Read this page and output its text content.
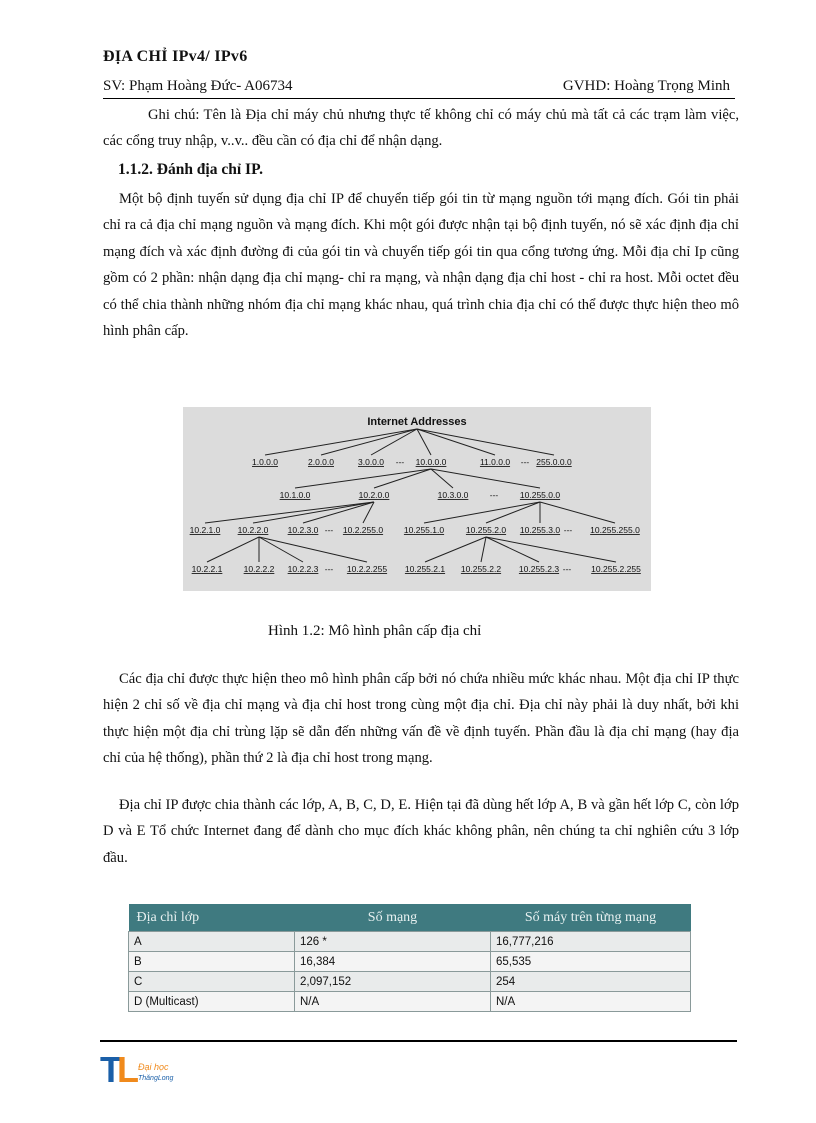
ĐỊA CHỈ IPv4/ IPv6
SV: Phạm Hoàng Đức- A06734	GVHD: Hoàng Trọng Minh

Ghi chú: Tên là Địa chỉ máy chủ nhưng thực tế không chỉ có máy chủ mà tất cả các trạm làm việc, các cổng truy nhập, v..v.. đều cần có địa chỉ để nhận dạng.

1.1.2. Đánh địa chỉ IP.

Một bộ định tuyến sử dụng địa chỉ IP để chuyển tiếp gói tin từ mạng nguồn tới mạng đích. Gói tin phải chỉ ra cả địa chỉ mạng nguồn và mạng đích. Khi một gói được nhận tại bộ định tuyến, nó sẽ xác định địa chỉ mạng đích và xác định đường đi của gói tin và chuyển tiếp gói tin qua cổng tương ứng. Mỗi địa chỉ Ip cũng gồm có 2 phần: nhận dạng địa chỉ mạng- chỉ ra mạng, và nhận dạng địa chỉ host - chỉ ra host. Mỗi octet đều có thể chia thành những nhóm địa chỉ mạng khác nhau, quá trình chia địa chỉ có thể được thực hiện theo mô hình phân cấp.

Internet Addresses
1.0.0.0	2.0.0.0	3.0.0.0 --- 10.0.0.0	11.0.0.0 --- 255.0.0.0
10.1.0.0	10.2.0.0	10.3.0.0	---	10.255.0.0
10.2.1.0 10.2.2.0 10.2.3.0 --- 10.2.255.0 10.255.1.0	10.255.2.0 10.255.3.0 --- 10.255.255.0
10.2.2.1	10.2.2.2 10.2.2.3 --- 10.2.2.255 10.255.2.1 10.255.2.2 10.255.2.3 --- 10.255.2.255
Hình 1.2: Mô hình phân cấp địa chỉ

Các địa chỉ được thực hiện theo mô hình phân cấp bởi nó chứa nhiều mức khác nhau. Một địa chỉ IP thực hiện 2 chỉ số về địa chỉ mạng và địa chỉ host trong cùng một địa chỉ. Địa chỉ này phải là duy nhất, bởi khi thực hiện một địa chỉ trùng lặp sẽ dẫn đến những vấn đề về định tuyến. Phần đầu là địa chỉ mạng (hay địa chỉ của hệ thống), phần thứ 2 là địa chỉ host trong mạng.

Địa chỉ IP được chia thành các lớp, A, B, C, D, E. Hiện tại đã dùng hết lớp A, B và gần hết lớp C, còn lớp D và E Tổ chức Internet đang để dành cho mục đích khác không phân, nên chúng ta chỉ nghiên cứu 3 lớp đầu.

Địa chỉ lớp	Số mạng	Số máy trên từng mạng
A	126 *	16,777,216
B	16,384	65,535
C	2,097,152	254
D (Multicast)	N/A	N/A
T
L Đại học
ThăngLong
